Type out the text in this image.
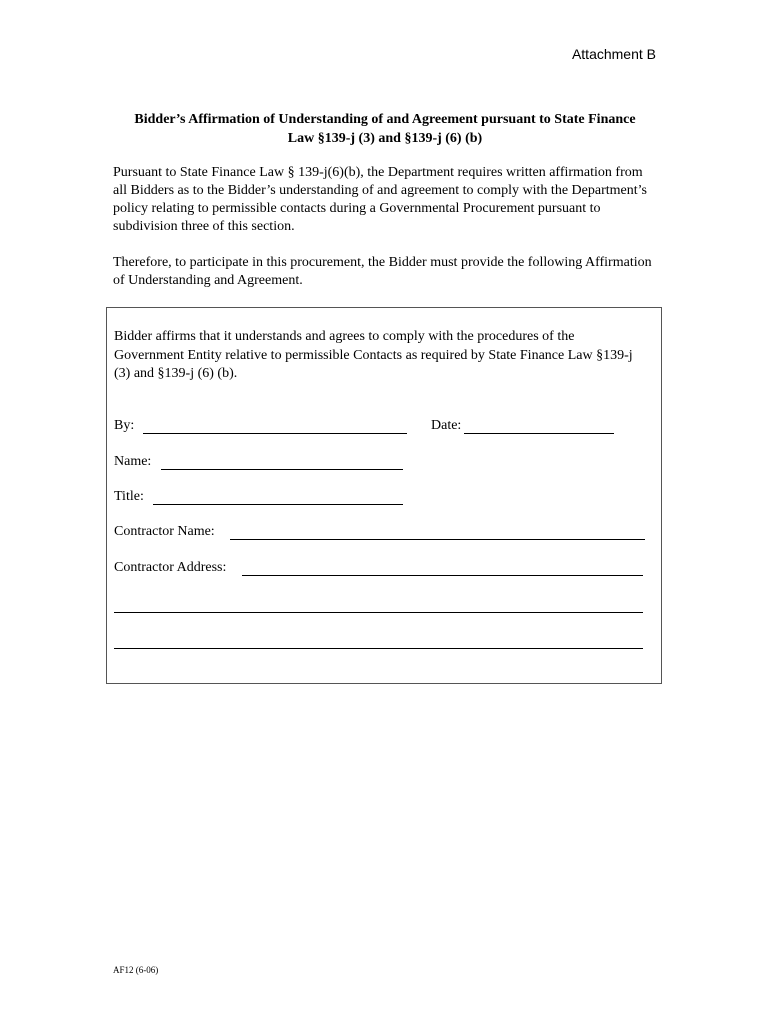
Attachment B
Bidder’s Affirmation of Understanding of and Agreement pursuant to State Finance
Law §139-j (3) and §139-j (6) (b)

Pursuant to State Finance Law § 139-j(6)(b), the Department requires written affirmation from all Bidders as to the Bidder’s understanding of and agreement to comply with the Department’s policy relating to permissible contacts during a Governmental Procurement pursuant to subdivision three of this section.

Therefore, to participate in this procurement, the Bidder must provide the following Affirmation of Understanding and Agreement.

Bidder affirms that it understands and agrees to comply with the procedures of the Government Entity relative to permissible Contacts as required by State Finance Law §139-j (3) and §139-j (6) (b).

By:	Date:
Name:
Title:
Contractor Name:
Contractor Address:
AF12 (6-06)
